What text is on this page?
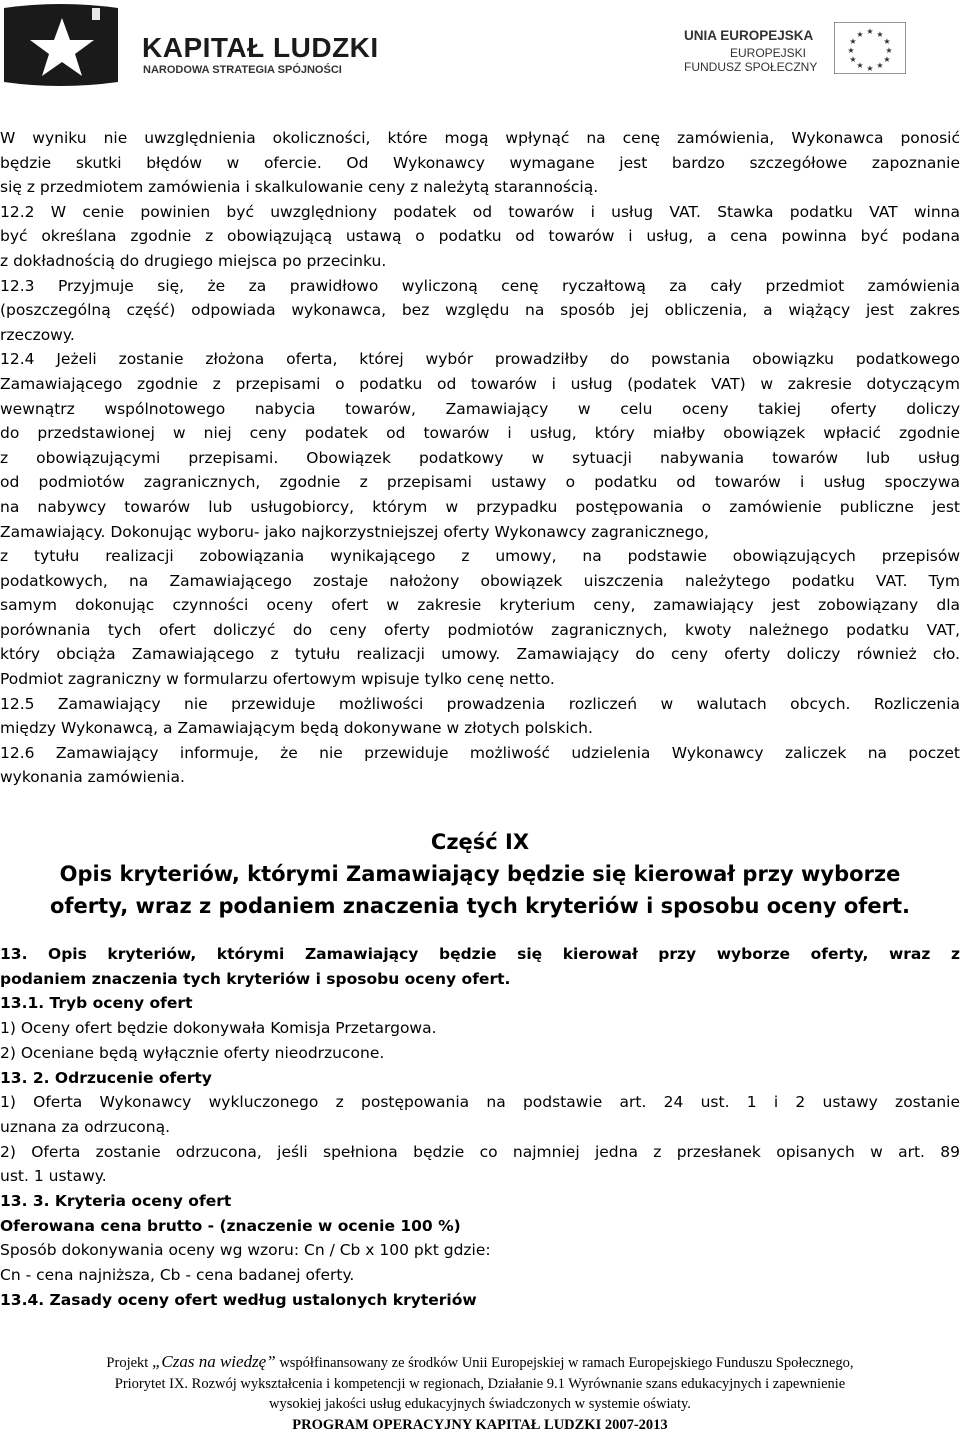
KAPITAŁ LUDZKI
NARODOWA STRATEGIA SPÓJNOŚCI
UNIA EUROPEJSKA
EUROPEJSKI
FUNDUSZ SPOŁECZNY
★ ★
★
★
★
★
★
★
★
★
★
★
W wyniku nie uwzględnienia okoliczności, które mogą wpłynąć na cenę zamówienia, Wykonawca ponosić
będzie skutki błędów w ofercie. Od Wykonawcy wymagane jest bardzo szczegółowe zapoznanie
się z przedmiotem zamówienia i skalkulowanie ceny z należytą starannością.
12.2 W cenie powinien być uwzględniony podatek od towarów i usług VAT. Stawka podatku VAT winna
być określana zgodnie z obowiązującą ustawą o podatku od towarów i usług, a cena powinna być podana
z dokładnością do drugiego miejsca po przecinku.
12.3 Przyjmuje się, że za prawidłowo wyliczoną cenę ryczałtową za cały przedmiot zamówienia
(poszczególną część) odpowiada wykonawca, bez względu na sposób jej obliczenia, a wiążący jest zakres
rzeczowy.
12.4 Jeżeli zostanie złożona oferta, której wybór prowadziłby do powstania obowiązku podatkowego
Zamawiającego zgodnie z przepisami o podatku od towarów i usług (podatek VAT) w zakresie dotyczącym
wewnątrz wspólnotowego nabycia towarów, Zamawiający w celu oceny takiej oferty doliczy
do przedstawionej w niej ceny podatek od towarów i usług, który miałby obowiązek wpłacić zgodnie
z obowiązującymi przepisami. Obowiązek podatkowy w sytuacji nabywania towarów lub usług
od podmiotów zagranicznych, zgodnie z przepisami ustawy o podatku od towarów i usług spoczywa
na nabywcy towarów lub usługobiorcy, którym w przypadku postępowania o zamówienie publiczne jest
Zamawiający. Dokonując wyboru- jako najkorzystniejszej oferty Wykonawcy zagranicznego,
z tytułu realizacji zobowiązania wynikającego z umowy, na podstawie obowiązujących przepisów
podatkowych, na Zamawiającego zostaje nałożony obowiązek uiszczenia należytego podatku VAT. Tym
samym dokonując czynności oceny ofert w zakresie kryterium ceny, zamawiający jest zobowiązany dla
porównania tych ofert doliczyć do ceny oferty podmiotów zagranicznych, kwoty należnego podatku VAT,
który obciąża Zamawiającego z tytułu realizacji umowy. Zamawiający do ceny oferty doliczy również cło.
Podmiot zagraniczny w formularzu ofertowym wpisuje tylko cenę netto.
12.5 Zamawiający nie przewiduje możliwości prowadzenia rozliczeń w walutach obcych. Rozliczenia
między Wykonawcą, a Zamawiającym będą dokonywane w złotych polskich.
12.6 Zamawiający informuje, że nie przewiduje możliwość udzielenia Wykonawcy zaliczek na poczet
wykonania zamówienia.
Część IX
Opis kryteriów, którymi Zamawiający będzie się kierował przy wyborze
oferty, wraz z podaniem znaczenia tych kryteriów i sposobu oceny ofert.
13. Opis kryteriów, którymi Zamawiający będzie się kierował przy wyborze oferty, wraz z
podaniem znaczenia tych kryteriów i sposobu oceny ofert.
13.1. Tryb oceny ofert
1) Oceny ofert będzie dokonywała Komisja Przetargowa.
2) Oceniane będą wyłącznie oferty nieodrzucone.
13. 2. Odrzucenie oferty
1) Oferta Wykonawcy wykluczonego z postępowania na podstawie art. 24 ust. 1 i 2 ustawy zostanie
uznana za odrzuconą.
2) Oferta zostanie odrzucona, jeśli spełniona będzie co najmniej jedna z przesłanek opisanych w art. 89
ust. 1 ustawy.
13. 3. Kryteria oceny ofert
Oferowana cena brutto - (znaczenie w ocenie 100 %)
Sposób dokonywania oceny wg wzoru: Cn / Cb x 100 pkt gdzie:
Cn - cena najniższa, Cb - cena badanej oferty.
13.4. Zasady oceny ofert według ustalonych kryteriów
Projekt „Czas na wiedzę” współfinansowany ze środków Unii Europejskiej w ramach Europejskiego Funduszu Społecznego,
Priorytet IX. Rozwój wykształcenia i kompetencji w regionach, Działanie 9.1 Wyrównanie szans edukacyjnych i zapewnienie
wysokiej jakości usług edukacyjnych świadczonych w systemie oświaty.
PROGRAM OPERACYJNY KAPITAŁ LUDZKI 2007-2013
